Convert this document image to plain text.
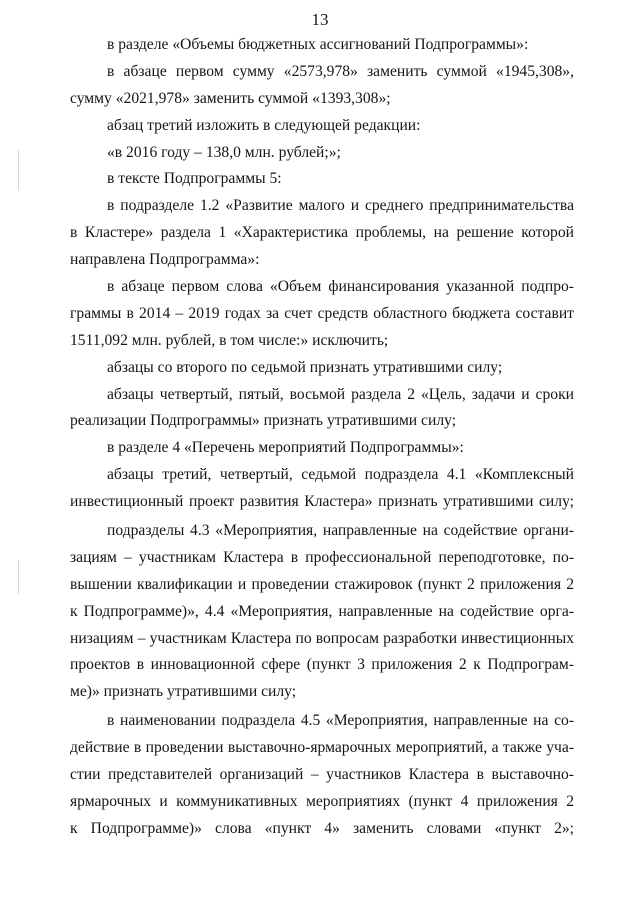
13
в разделе «Объемы бюджетных ассигнований Подпрограммы»:
в абзаце первом сумму «2573,978» заменить суммой «1945,308»,
сумму «2021,978» заменить суммой «1393,308»;
абзац третий изложить в следующей редакции:
«в 2016 году – 138,0 млн. рублей;»;
в тексте Подпрограммы 5:
в подразделе 1.2 «Развитие малого и среднего предпринимательства
в Кластере» раздела 1 «Характеристика проблемы, на решение которой
направлена Подпрограмма»:
в абзаце первом слова «Объем финансирования указанной подпро-
граммы в 2014 – 2019 годах за счет средств областного бюджета составит
1511,092 млн. рублей, в том числе:» исключить;
абзацы со второго по седьмой признать утратившими силу;
абзацы четвертый, пятый, восьмой раздела 2 «Цель, задачи и сроки
реализации Подпрограммы» признать утратившими силу;
в разделе 4 «Перечень мероприятий Подпрограммы»:
абзацы третий, четвертый, седьмой подраздела 4.1 «Комплексный
инвестиционный проект развития Кластера» признать утратившими силу;
подразделы 4.3 «Мероприятия, направленные на содействие органи-
зациям – участникам Кластера в профессиональной переподготовке, по-
вышении квалификации и проведении стажировок (пункт 2 приложения 2
к Подпрограмме)», 4.4 «Мероприятия, направленные на содействие орга-
низациям – участникам Кластера по вопросам разработки инвестиционных
проектов в инновационной сфере (пункт 3 приложения 2 к Подпрограм-
ме)» признать утратившими силу;
в наименовании подраздела 4.5 «Мероприятия, направленные на со-
действие в проведении выставочно-ярмарочных мероприятий, а также уча-
стии представителей организаций – участников Кластера в выставочно-
ярмарочных и коммуникативных мероприятиях (пункт 4 приложения 2
к Подпрограмме)» слова «пункт 4» заменить словами «пункт 2»;
